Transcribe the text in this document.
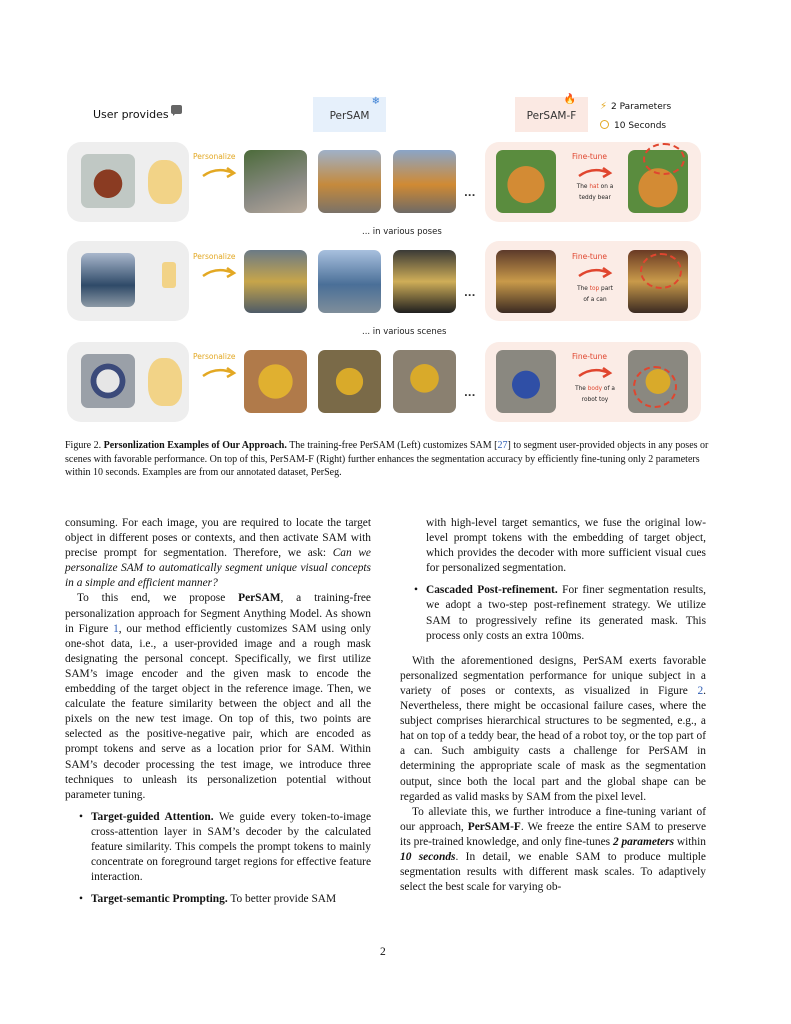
User provides	PerSAM
❄
PerSAM-F
🔥
⚡ 2 Parameters
10 Seconds
Personalize
...
Fine-tune
The hat on a
teddy bear
... in various poses
Personalize
...
Fine-tune
The top part
of a can
... in various scenes
Personalize
...
Fine-tune
The body of a
robot toy
Figure 2. Personlization Examples of Our Approach. The training-free PerSAM (Left) customizes SAM [27] to segment user-provided objects in any poses or scenes with favorable performance. On top of this, PerSAM-F (Right) further enhances the segmentation accuracy by efficiently fine-tuning only 2 parameters within 10 seconds. Examples are from our annotated dataset, PerSeg.

consuming. For each image, you are required to locate the target object in different poses or contexts, and then activate SAM with precise prompt for segmentation. Therefore, we ask: Can we personalize SAM to automatically segment unique visual concepts in a simple and efficient manner?

To this end, we propose PerSAM, a training-free personalization approach for Segment Anything Model. As shown in Figure 1, our method efficiently customizes SAM using only one-shot data, i.e., a user-provided image and a rough mask designating the personal concept. Specifically, we first utilize SAM’s image encoder and the given mask to encode the embedding of the target object in the reference image. Then, we calculate the feature similarity between the object and all the pixels on the new test image. On top of this, two points are selected as the positive-negative pair, which are encoded as prompt tokens and serve as a location prior for SAM. Within SAM’s decoder processing the test image, we introduce three techniques to unleash its personalizetion potential without parameter tuning.

• Target-guided Attention. We guide every token-to-image cross-attention layer in SAM’s decoder by the calculated feature similarity. This compels the prompt tokens to mainly concentrate on foreground target regions for effective feature interaction.
• Target-semantic Prompting. To better provide SAM

with high-level target semantics, we fuse the original low-level prompt tokens with the embedding of target object, which provides the decoder with more sufficient visual cues for personalized segmentation.

• Cascaded Post-refinement. For finer segmentation results, we adopt a two-step post-refinement strategy. We utilize SAM to progressively refine its generated mask. This process only costs an extra 100ms.

With the aforementioned designs, PerSAM exerts favorable personalized segmentation performance for unique subject in a variety of poses or contexts, as visualized in Figure 2. Nevertheless, there might be occasional failure cases, where the subject comprises hierarchical structures to be segmented, e.g., a hat on top of a teddy bear, the head of a robot toy, or the top part of a can. Such ambiguity casts a challenge for PerSAM in determining the appropriate scale of mask as the segmentation output, since both the local part and the global shape can be regarded as valid masks by SAM from the pixel level.

To alleviate this, we further introduce a fine-tuning variant of our approach, PerSAM-F. We freeze the entire SAM to preserve its pre-trained knowledge, and only fine-tunes 2 parameters within 10 seconds. In detail, we enable SAM to produce multiple segmentation results with different mask scales. To adaptively select the best scale for varying ob-

2
